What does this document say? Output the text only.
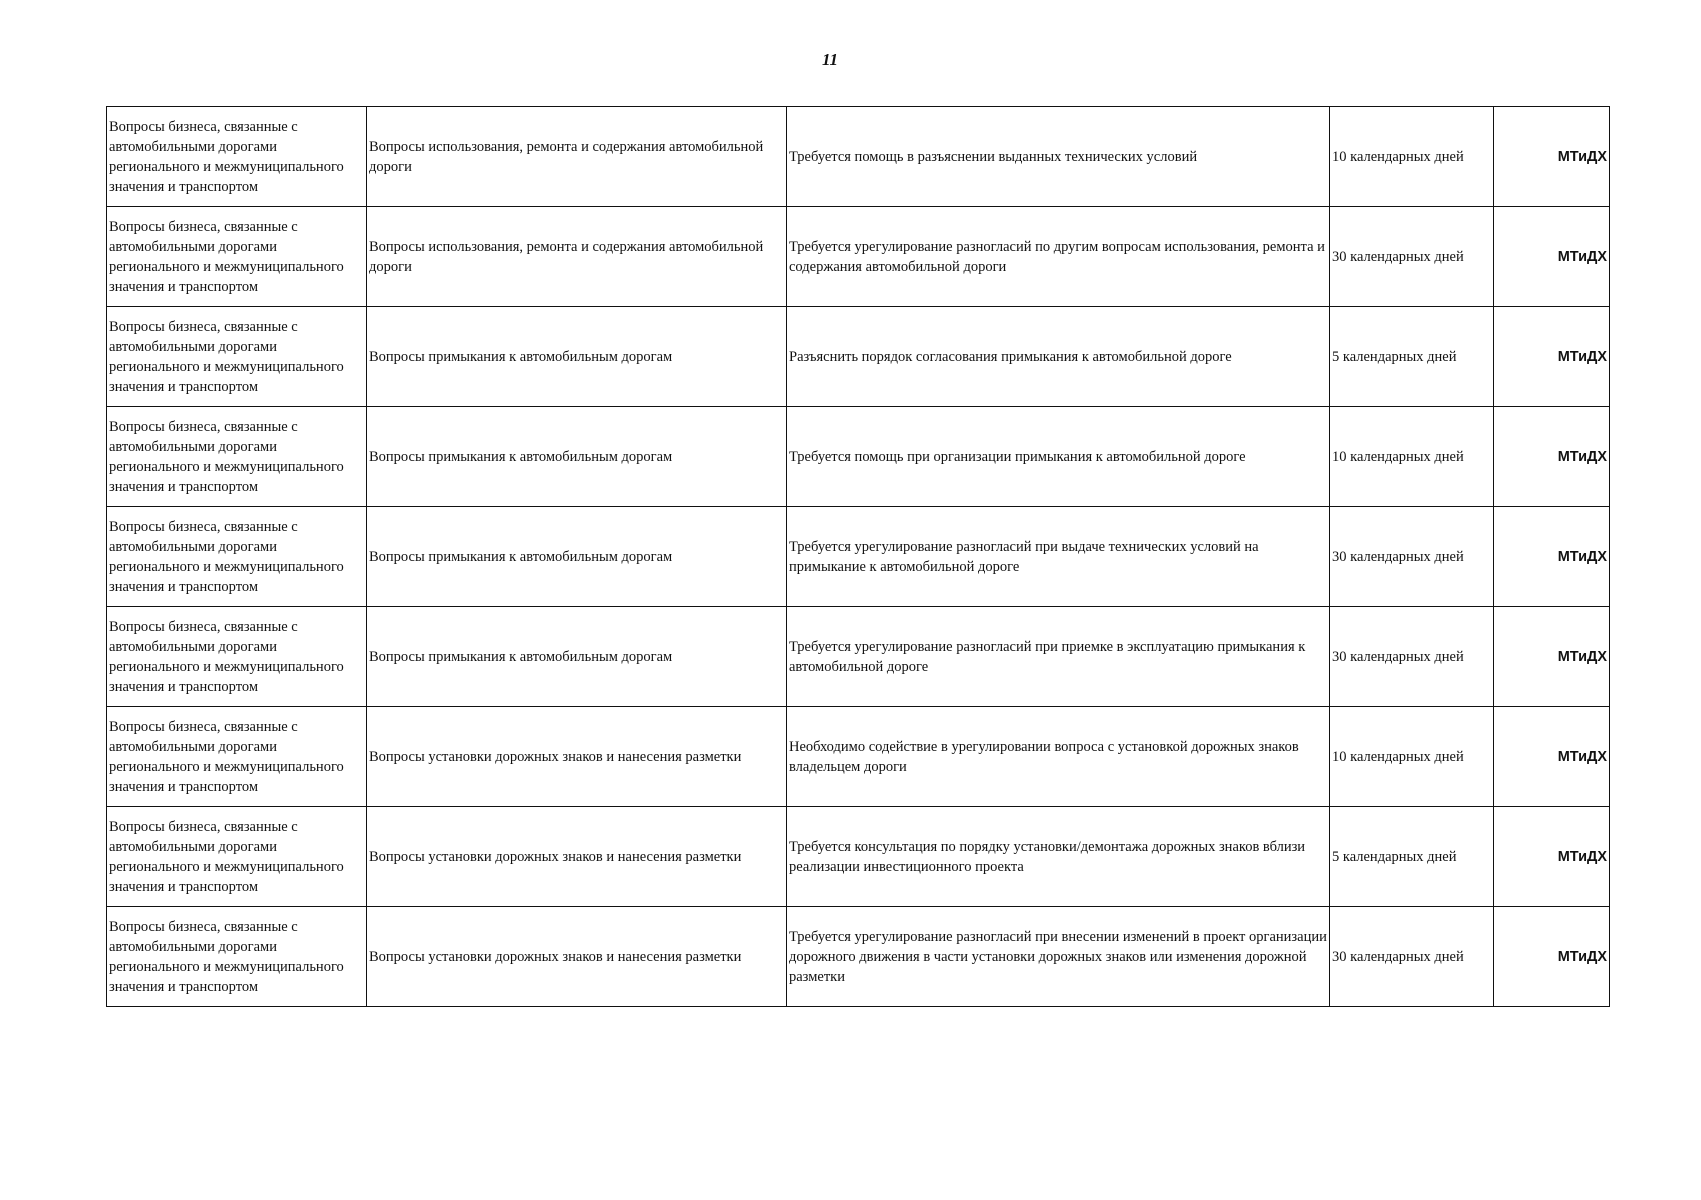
11
Вопросы бизнеса, связанные с автомобильными дорогами регионального и межмуниципального значения и транспортом	Вопросы использования, ремонта и содержания автомобильной дороги	Требуется помощь в разъяснении выданных технических условий	10 календарных дней	МТиДХ
Вопросы бизнеса, связанные с автомобильными дорогами регионального и межмуниципального значения и транспортом	Вопросы использования, ремонта и содержания автомобильной дороги	Требуется урегулирование разногласий по другим вопросам использования, ремонта и содержания автомобильной дороги	30 календарных дней	МТиДХ
Вопросы бизнеса, связанные с автомобильными дорогами регионального и межмуниципального значения и транспортом	Вопросы примыкания к автомобильным дорогам	Разъяснить порядок согласования примыкания к автомобильной дороге	5 календарных дней	МТиДХ
Вопросы бизнеса, связанные с автомобильными дорогами регионального и межмуниципального значения и транспортом	Вопросы примыкания к автомобильным дорогам	Требуется помощь при организации примыкания к автомобильной дороге	10 календарных дней	МТиДХ
Вопросы бизнеса, связанные с автомобильными дорогами регионального и межмуниципального значения и транспортом	Вопросы примыкания к автомобильным дорогам	Требуется урегулирование разногласий при выдаче технических условий на примыкание к автомобильной дороге	30 календарных дней	МТиДХ
Вопросы бизнеса, связанные с автомобильными дорогами регионального и межмуниципального значения и транспортом	Вопросы примыкания к автомобильным дорогам	Требуется урегулирование разногласий при приемке в эксплуатацию примыкания к автомобильной дороге	30 календарных дней	МТиДХ
Вопросы бизнеса, связанные с автомобильными дорогами регионального и межмуниципального значения и транспортом	Вопросы установки дорожных знаков и нанесения разметки	Необходимо содействие в урегулировании вопроса с установкой дорожных знаков владельцем дороги	10 календарных дней	МТиДХ
Вопросы бизнеса, связанные с автомобильными дорогами регионального и межмуниципального значения и транспортом	Вопросы установки дорожных знаков и нанесения разметки	Требуется консультация по порядку установки/демонтажа дорожных знаков вблизи реализации инвестиционного проекта	5 календарных дней	МТиДХ
Вопросы бизнеса, связанные с автомобильными дорогами регионального и межмуниципального значения и транспортом	Вопросы установки дорожных знаков и нанесения разметки	Требуется урегулирование разногласий при внесении изменений в проект организации дорожного движения в части установки дорожных знаков или изменения дорожной разметки	30 календарных дней	МТиДХ
